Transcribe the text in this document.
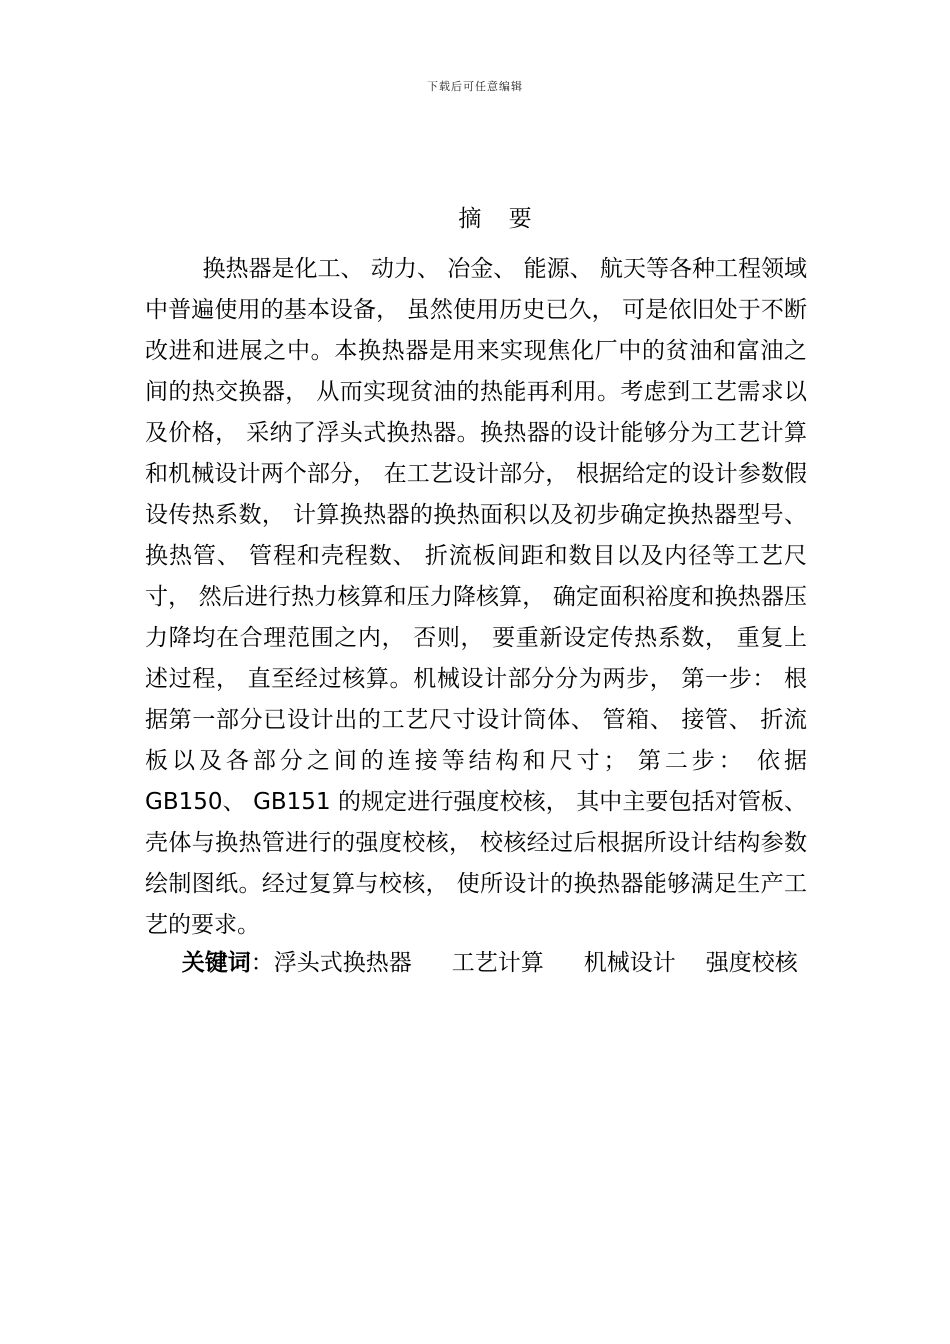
下载后可任意编辑
摘 要

换热器是化工、 动力、 冶金、 能源、 航天等各种工程领域中普遍使用的基本设备， 虽然使用历史已久， 可是依旧处于不断改进和进展之中。本换热器是用来实现焦化厂中的贫油和富油之间的热交换器， 从而实现贫油的热能再利用。考虑到工艺需求以及价格， 采纳了浮头式换热器。换热器的设计能够分为工艺计算和机械设计两个部分， 在工艺设计部分， 根据给定的设计参数假设传热系数， 计算换热器的换热面积以及初步确定换热器型号、 换热管、 管程和壳程数、 折流板间距和数目以及内径等工艺尺寸， 然后进行热力核算和压力降核算， 确定面积裕度和换热器压力降均在合理范围之内， 否则， 要重新设定传热系数， 重复上述过程， 直至经过核算。机械设计部分分为两步， 第一步： 根据第一部分已设计出的工艺尺寸设计筒体、 管箱、 接管、 折流板以及各部分之间的连接等结构和尺寸； 第二步： 依据 GB150、 GB151 的规定进行强度校核， 其中主要包括对管板、 壳体与换热管进行的强度校核， 校核经过后根据所设计结构参数绘制图纸。经过复算与校核， 使所设计的换热器能够满足生产工艺的要求。

关键词：浮头式换热器 工艺计算 机械设计 强度校核
